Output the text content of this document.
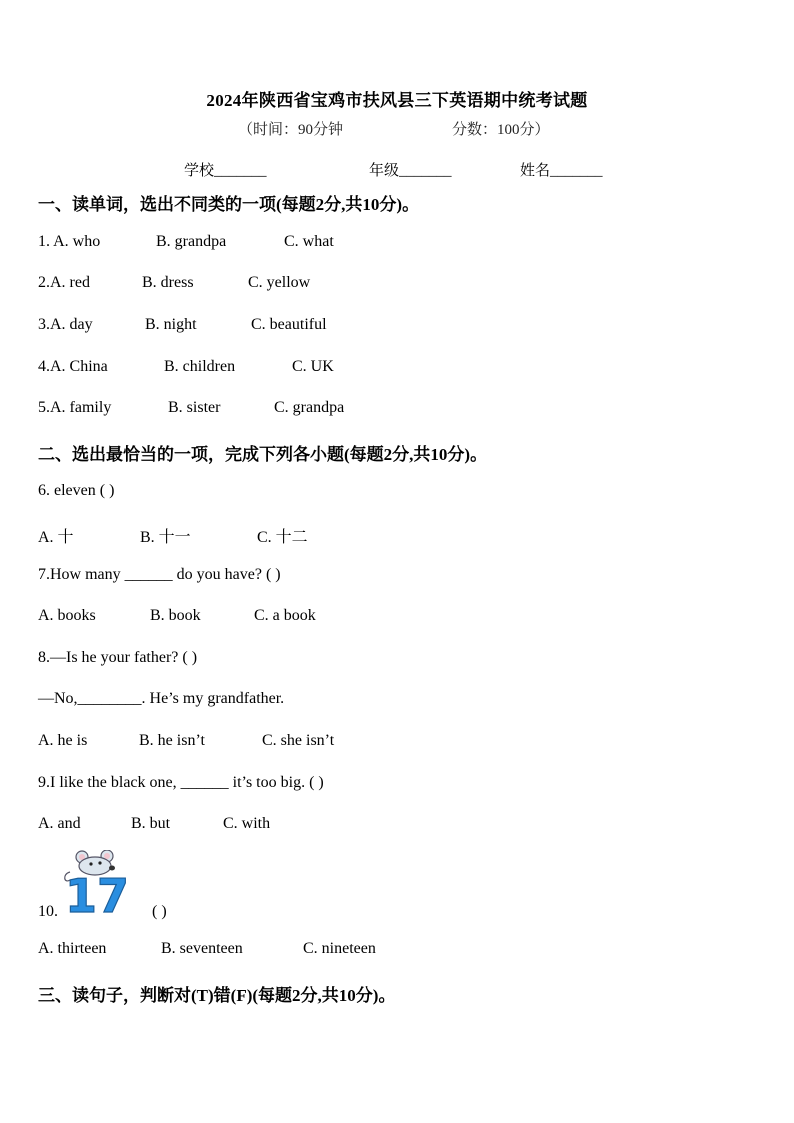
2024年陕西省宝鸡市扶风县三下英语期中统考试题
（时间：90分钟	分数：100分）
学校_______	年级_______	姓名_______
一、读单词，选出不同类的一项(每题2分,共10分)。
1. A. who	B. grandpa	C. what
2.A. red	B. dress	C. yellow
3.A. day	B. night	C. beautiful
4.A. China	B. children	C. UK
5.A. family	B. sister	C. grandpa
二、选出最恰当的一项，完成下列各小题(每题2分,共10分)。
6. eleven ( )
A. 十	B. 十一	C. 十二
7.How many ______ do you have? ( )
A. books	B. book	C. a book
8.—Is he your father? ( )
—No,________. He’s my grandfather.
A. he is	B. he isn’t	C. she isn’t
9.I like the black one, ______ it’s too big. ( )
A. and	B. but	C. with
10. 17 ( )
A. thirteen	B. seventeen	C. nineteen
三、读句子，判断对(T)错(F)(每题2分,共10分)。
